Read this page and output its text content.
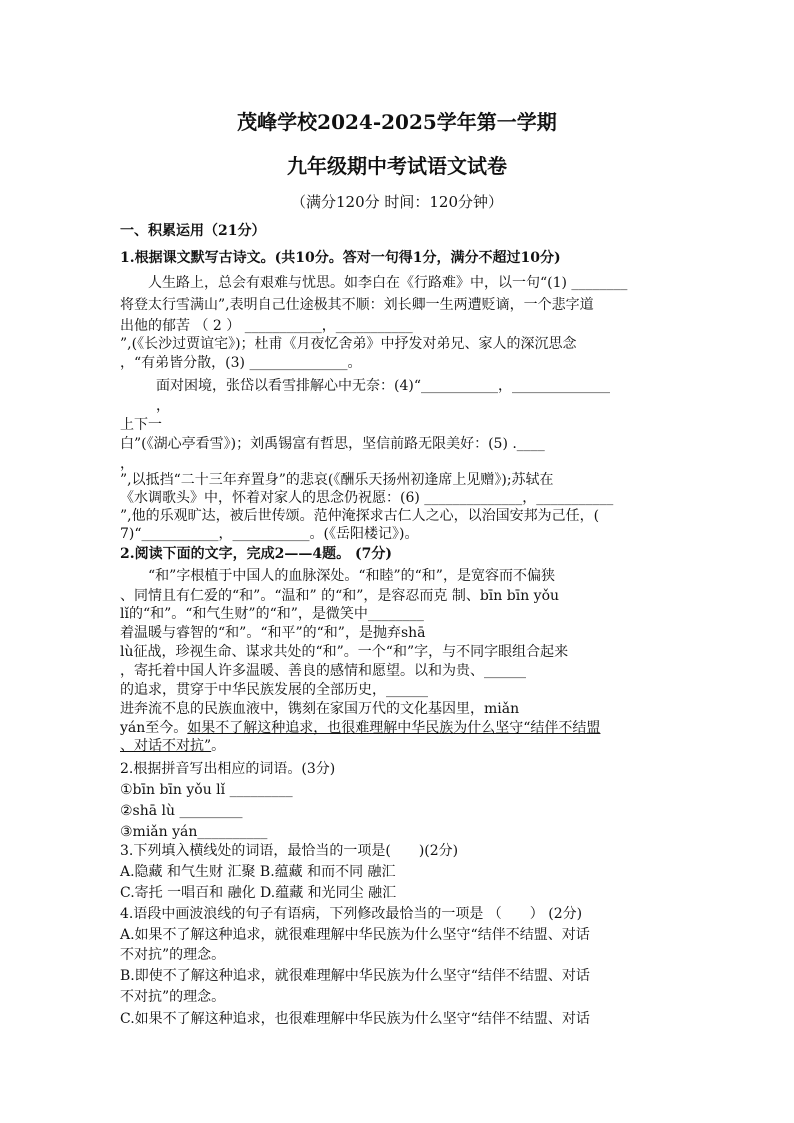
茂峰学校2024-2025学年第一学期
九年级期中考试语文试卷
（满分120分 时间：120分钟）
一、积累运用（21分）
1.根据课文默写古诗文。(共10分。答对一句得1分，满分不超过10分)
人生路上，总会有艰难与忧思。如李白在《行路难》中，以一句“(1) ________
将登太行雪满山”,表明自己仕途极其不顺：刘长卿一生两遭贬谪，一个悲字道
出他的郁苦 （ 2 ） ___________，___________
”,(《长沙过贾谊宅》)；杜甫《月夜忆舍弟》中抒发对弟兄、家人的深沉思念
，“有弟皆分散，(3) ______________。
面对困境，张岱以看雪排解心中无奈：(4)“___________，______________
，
上下一
白”(《湖心亭看雪》)；刘禹锡富有哲思，坚信前路无限美好：(5) .____
，
”,以抵挡“二十三年弃置身”的悲哀(《酬乐天扬州初逢席上见赠》);苏轼在
《水调歌头》中，怀着对家人的思念仍祝愿：(6) ______________，___________
”,他的乐观旷达，被后世传颂。范仲淹探求古仁人之心，以治国安邦为己任，(
7)“___________，___________。(《岳阳楼记》)。
2.阅读下面的文字，完成2——4题。 (7分)
“和”字根植于中国人的血脉深处。“和睦”的“和”，是宽容而不偏狭
、同情且有仁爱的“和”。“温和” 的“和”，是容忍而克 制、bīn bīn yǒu
lǐ的“和”。“和气生财”的“和”，是微笑中________
着温暖与睿智的“和”。“和平”的“和”，是抛弃shā
lù征战，珍视生命、谋求共处的“和”。一个“和”字，与不同字眼组合起来
，寄托着中国人许多温暖、善良的感情和愿望。以和为贵、______
的追求，贯穿于中华民族发展的全部历史，______
进奔流不息的民族血液中，镌刻在家国万代的文化基因里，miǎn
yán至今。如果不了解这种追求，也很难理解中华民族为什么坚守“结伴不结盟
、对话不对抗”。
2.根据拼音写出相应的词语。(3分)
①bīn bīn yǒu lǐ _________
②shā lù _________
③miǎn yán__________
3.下列填入横线处的词语，最恰当的一项是(　　)(2分)
A.隐藏 和气生财 汇聚 B.蕴藏 和而不同 融汇
C.寄托 一唱百和 融化 D.蕴藏 和光同尘 融汇
4.语段中画波浪线的句子有语病，下列修改最恰当的一项是 （　　） (2分)
A.如果不了解这种追求，就很难理解中华民族为什么坚守“结伴不结盟、对话
不对抗”的理念。
B.即使不了解这种追求，就很难理解中华民族为什么坚守“结伴不结盟、对话
不对抗”的理念。
C.如果不了解这种追求，也很难理解中华民族为什么坚守“结伴不结盟、对话
